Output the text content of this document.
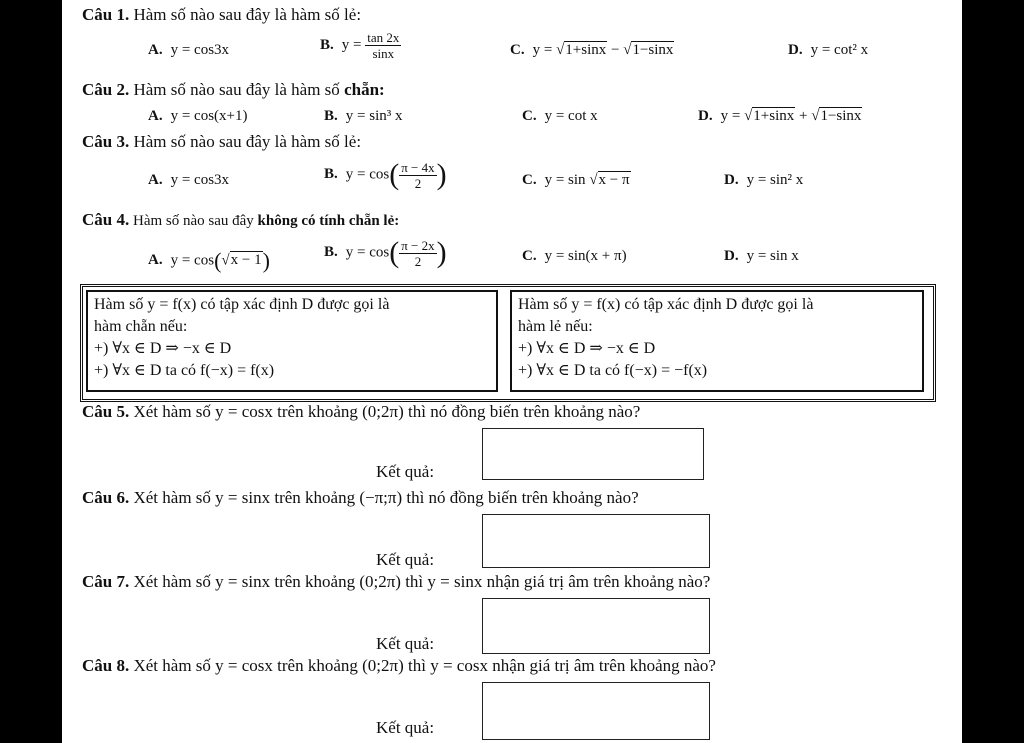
Câu 1. Hàm số nào sau đây là hàm số lẻ:
A. y = cos3x	B. $y = \frac{\tan 2x}{\sin x}$	C. y = √1+sinx − √1−sinx	D. y = cot² x
Câu 2. Hàm số nào sau đây là hàm số chẵn:
A. y = cos(x+1)	B. y = sin³ x	C. y = cot x	D. y = √1+sinx + √1−sinx
Câu 3. Hàm số nào sau đây là hàm số lẻ:
A. y = cos3x	B. $y = \cos( \frac{\pi - 4x}{2}$ )	C. y = sin √x − π	D. y = sin² x
Câu 4. Hàm số nào sau đây không có tính chẵn lẻ:
A. y = cos(√x − 1)	B. $y = \cos( \frac{\pi - 2x}{2}$ )	C. y = sin(x + π)	D. y = sin x
Hàm số y = f(x) có tập xác định D được gọi là
hàm chẵn nếu:
+) ∀x ∈ D ⇒ −x ∈ D
+) ∀x ∈ D ta có f(−x) = f(x)
Hàm số y = f(x) có tập xác định D được gọi là
hàm lẻ nếu:
+) ∀x ∈ D ⇒ −x ∈ D
+) ∀x ∈ D ta có f(−x) = −f(x)
Câu 5. Xét hàm số y = cosx trên khoảng (0;2π) thì nó đồng biến trên khoảng nào?
Kết quả:
Câu 6. Xét hàm số y = sinx trên khoảng (−π;π) thì nó đồng biến trên khoảng nào?
Kết quả:
Câu 7. Xét hàm số y = sinx trên khoảng (0;2π) thì y = sinx nhận giá trị âm trên khoảng nào?
Kết quả:
Câu 8. Xét hàm số y = cosx trên khoảng (0;2π) thì y = cosx nhận giá trị âm trên khoảng nào?
Kết quả:
